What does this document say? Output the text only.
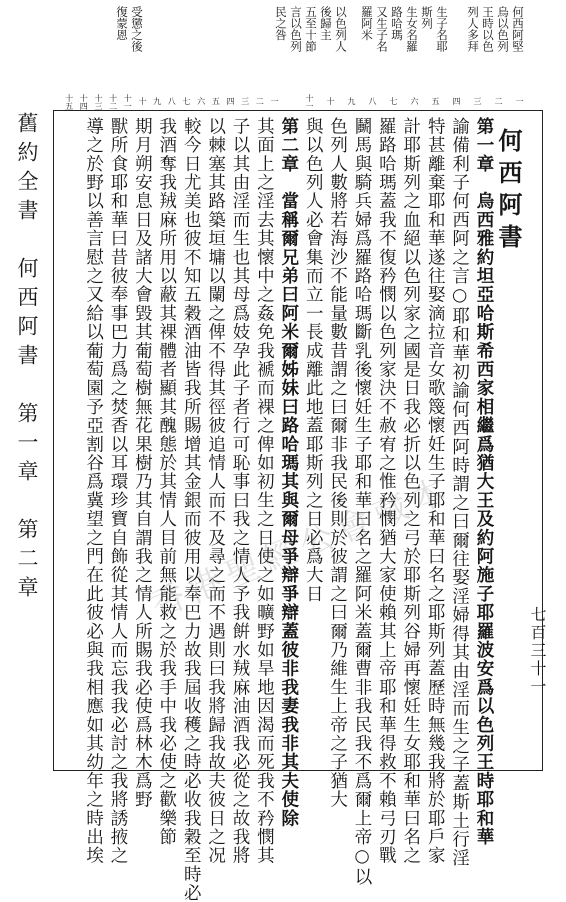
舊約全書　何西阿書　第一章　第二章
受懲之後
復蒙恩	以色列人
後歸主
五至十節
言以色列
民之咎	生子名耶
斯列
生女名羅
路哈瑪
又生子名
羅阿米	何西阿堅
烏以色列
王時以色
列人多拜
一
二
三
四
五
六
七
八
九
十
十一
一
二
三
四
五
六
七
八
九
十
十一
十二
十三
十四
十五
何西阿書
第一章　烏西雅約坦亞哈斯希西家相繼爲猶大王及約阿施子耶羅波安爲以色列王時耶和華
諭備利子何西阿之言○耶和華初諭何西阿時謂之曰爾往娶淫婦得其由淫而生之子蓋斯土行淫
特甚離棄耶和華遂往娶滴拉音女歌篾懷妊生子耶和華曰名之耶斯列蓋歷時無幾我將於耶戶家
計耶斯列之血絕以色列家之國是日我必折以色列之弓於耶斯列谷婦再懷妊生女耶和華曰名之
羅路哈瑪蓋我不復矜憫以色列家決不赦宥之惟矜憫猶大家使賴其上帝耶和華得救不賴弓刃戰
鬭馬與騎兵婦爲羅路哈瑪斷乳後懷妊生子耶和華曰名之羅阿米蓋爾曹非我民我不爲爾上帝○以
色列人數將若海沙不能量數昔謂之曰爾非我民後則於彼謂之曰爾乃維生上帝之子猶大
與以色列人必會集而立一長成離此地蓋耶斯列之日必爲大日
第二章　當稱爾兄弟曰阿米爾姊妹曰路哈瑪其與爾母爭辯爭辯蓋彼非我妻我非其夫使除
其面上之淫去其懷中之姦免我褫而裸之俾如初生之日使之如曠野如旱地因渴而死我不矜憫其
子以其由淫而生也其母爲妓孕此子者行可恥事曰我之情人予我餠水羢麻油酒我必從之故我將
以棘塞其路築垣墉以闌之俾不得其徑彼追情人而不及尋之而不遇則曰我將歸我故夫彼日之况
較今日尤美也彼不知五穀酒油皆我所賜增其金銀而彼用以奉巴力故我屆收穫之時必收我穀至時必
我酒奪我羢麻所用以蔽其裸體者顯其醜態於其情人目前無能救之於我手中我必使之歡樂節
期月朔安息日及諸大會毀其葡萄樹無花果樹乃其自謂我之情人所賜我必使爲林木爲野
獸所食耶和華曰昔彼奉事巴力爲之焚香以耳環珍寶自飾從其情人而忘我我必討之我將誘掖之
導之於野以善言慰之又給以葡萄園予亞割谷爲冀望之門在此彼必與我相應如其幼年之時出埃	七百三十一
香港聖經公會藏本
